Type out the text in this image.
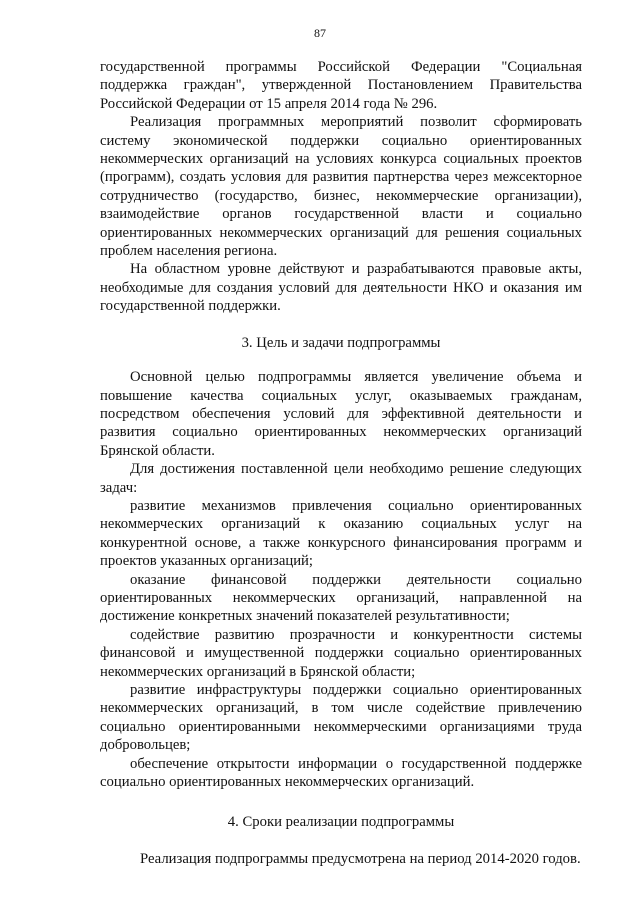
87

государственной программы Российской Федерации "Социальная поддержка граждан", утвержденной Постановлением Правительства Российской Федерации от 15 апреля 2014 года № 296.

Реализация программных мероприятий позволит сформировать систему экономической поддержки социально ориентированных некоммерческих организаций на условиях конкурса социальных проектов (программ), создать условия для развития партнерства через межсекторное сотрудничество (государство, бизнес, некоммерческие организации), взаимодействие органов государственной власти и социально ориентированных некоммерческих организаций для решения социальных проблем населения региона.

На областном уровне действуют и разрабатываются правовые акты, необходимые для создания условий для деятельности НКО и оказания им государственной поддержки.

3. Цель и задачи подпрограммы

Основной целью подпрограммы является увеличение объема и повышение качества социальных услуг, оказываемых гражданам, посредством обеспечения условий для эффективной деятельности и развития социально ориентированных некоммерческих организаций Брянской области.

Для достижения поставленной цели необходимо решение следующих задач:

развитие механизмов привлечения социально ориентированных некоммерческих организаций к оказанию социальных услуг на конкурентной основе, а также конкурсного финансирования программ и проектов указанных организаций;

оказание финансовой поддержки деятельности социально ориентированных некоммерческих организаций, направленной на достижение конкретных значений показателей результативности;

содействие развитию прозрачности и конкурентности системы финансовой и имущественной поддержки социально ориентированных некоммерческих организаций в Брянской области;

развитие инфраструктуры поддержки социально ориентированных некоммерческих организаций, в том числе содействие привлечению социально ориентированными некоммерческими организациями труда добровольцев;

обеспечение открытости информации о государственной поддержке социально ориентированных некоммерческих организаций.

4. Сроки реализации подпрограммы

Реализация подпрограммы предусмотрена на период 2014-2020 годов.
